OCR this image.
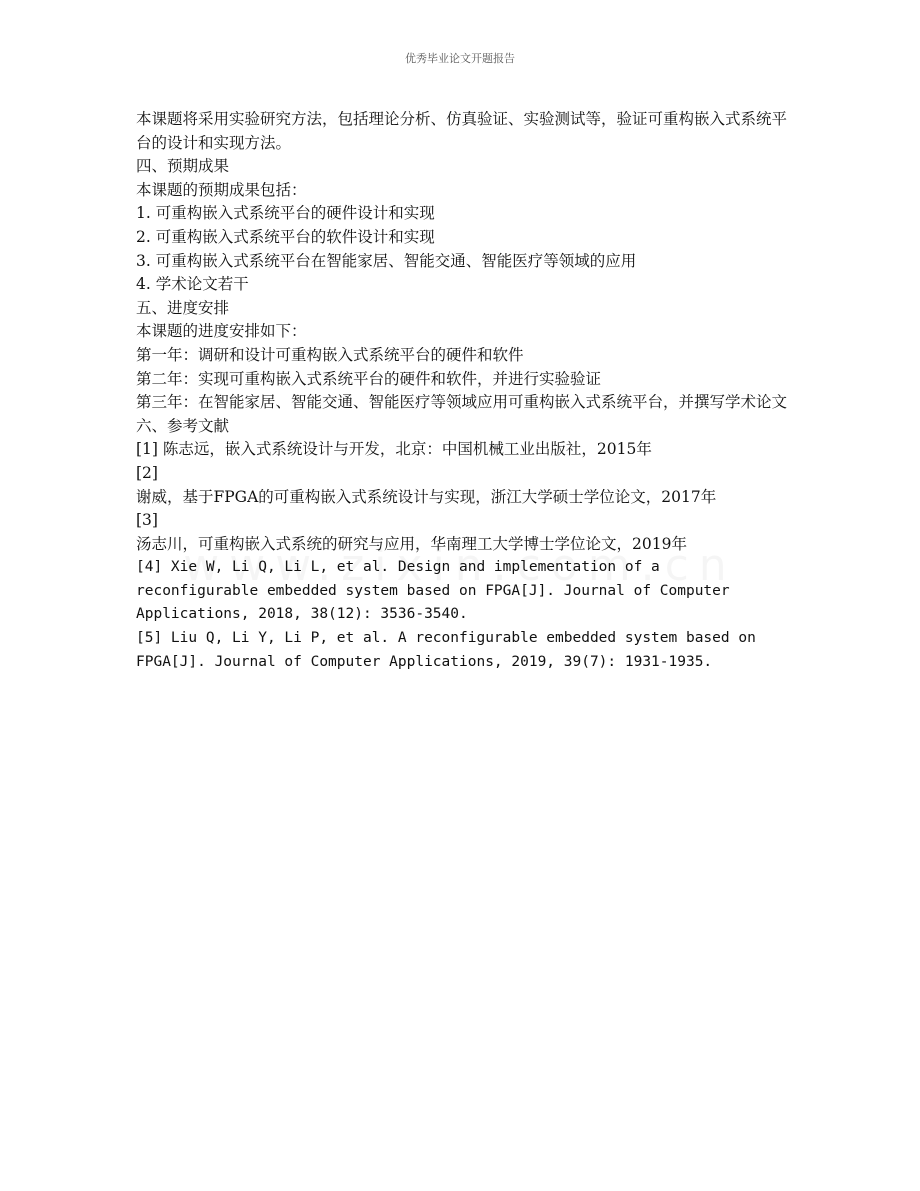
优秀毕业论文开题报告
本课题将采用实验研究方法，包括理论分析、仿真验证、实验测试等，验证可重构嵌入式系统平台的设计和实现方法。
四、预期成果
本课题的预期成果包括：
1. 可重构嵌入式系统平台的硬件设计和实现
2. 可重构嵌入式系统平台的软件设计和实现
3. 可重构嵌入式系统平台在智能家居、智能交通、智能医疗等领域的应用
4. 学术论文若干
五、进度安排
本课题的进度安排如下：
第一年：调研和设计可重构嵌入式系统平台的硬件和软件
第二年：实现可重构嵌入式系统平台的硬件和软件，并进行实验验证
第三年：在智能家居、智能交通、智能医疗等领域应用可重构嵌入式系统平台，并撰写学术论文
六、参考文献
[1] 陈志远，嵌入式系统设计与开发，北京：中国机械工业出版社，2015年
[2]
谢威，基于FPGA的可重构嵌入式系统设计与实现，浙江大学硕士学位论文，2017年
[3]
汤志川，可重构嵌入式系统的研究与应用，华南理工大学博士学位论文，2019年
[4] Xie W, Li Q, Li L, et al. Design and implementation of a
reconfigurable embedded system based on FPGA[J]. Journal of Computer
Applications, 2018, 38(12): 3536-3540.
[5] Liu Q, Li Y, Li P, et al. A reconfigurable embedded system based on
FPGA[J]. Journal of Computer Applications, 2019, 39(7): 1931-1935.
